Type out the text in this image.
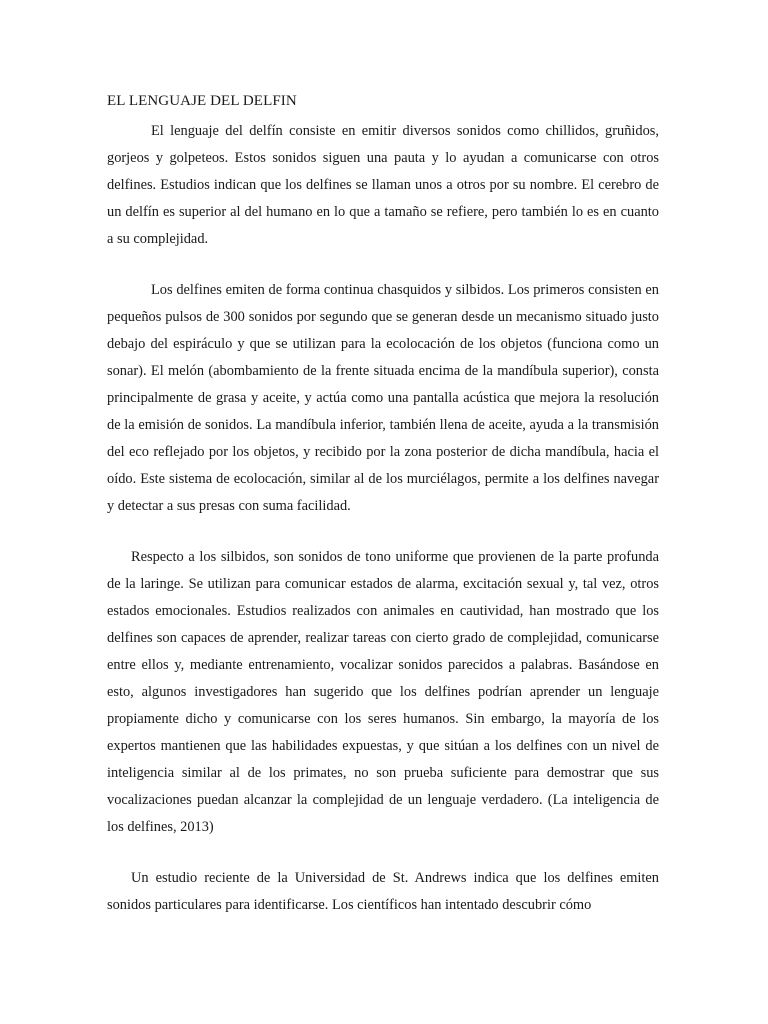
EL LENGUAJE DEL DELFIN

El lenguaje del delfín consiste en emitir diversos sonidos como chillidos, gruñidos, gorjeos y golpeteos. Estos sonidos siguen una pauta y lo ayudan a comunicarse con otros delfines. Estudios indican que los delfines se llaman unos a otros por su nombre. El cerebro de un delfín es superior al del humano en lo que a tamaño se refiere, pero también lo es en cuanto a su complejidad.

Los delfines emiten de forma continua chasquidos y silbidos. Los primeros consisten en pequeños pulsos de 300 sonidos por segundo que se generan desde un mecanismo situado justo debajo del espiráculo y que se utilizan para la ecolocación de los objetos (funciona como un sonar). El melón (abombamiento de la frente situada encima de la mandíbula superior), consta principalmente de grasa y aceite, y actúa como una pantalla acústica que mejora la resolución de la emisión de sonidos. La mandíbula inferior, también llena de aceite, ayuda a la transmisión del eco reflejado por los objetos, y recibido por la zona posterior de dicha mandíbula, hacia el oído. Este sistema de ecolocación, similar al de los murciélagos, permite a los delfines navegar y detectar a sus presas con suma facilidad.

Respecto a los silbidos, son sonidos de tono uniforme que provienen de la parte profunda de la laringe. Se utilizan para comunicar estados de alarma, excitación sexual y, tal vez, otros estados emocionales. Estudios realizados con animales en cautividad, han mostrado que los delfines son capaces de aprender, realizar tareas con cierto grado de complejidad, comunicarse entre ellos y, mediante entrenamiento, vocalizar sonidos parecidos a palabras. Basándose en esto, algunos investigadores han sugerido que los delfines podrían aprender un lenguaje propiamente dicho y comunicarse con los seres humanos. Sin embargo, la mayoría de los expertos mantienen que las habilidades expuestas, y que sitúan a los delfines con un nivel de inteligencia similar al de los primates, no son prueba suficiente para demostrar que sus vocalizaciones puedan alcanzar la complejidad de un lenguaje verdadero. (La inteligencia de los delfines, 2013)

Un estudio reciente de la Universidad de St. Andrews indica que los delfines emiten sonidos particulares para identificarse. Los científicos han intentado descubrir cómo
